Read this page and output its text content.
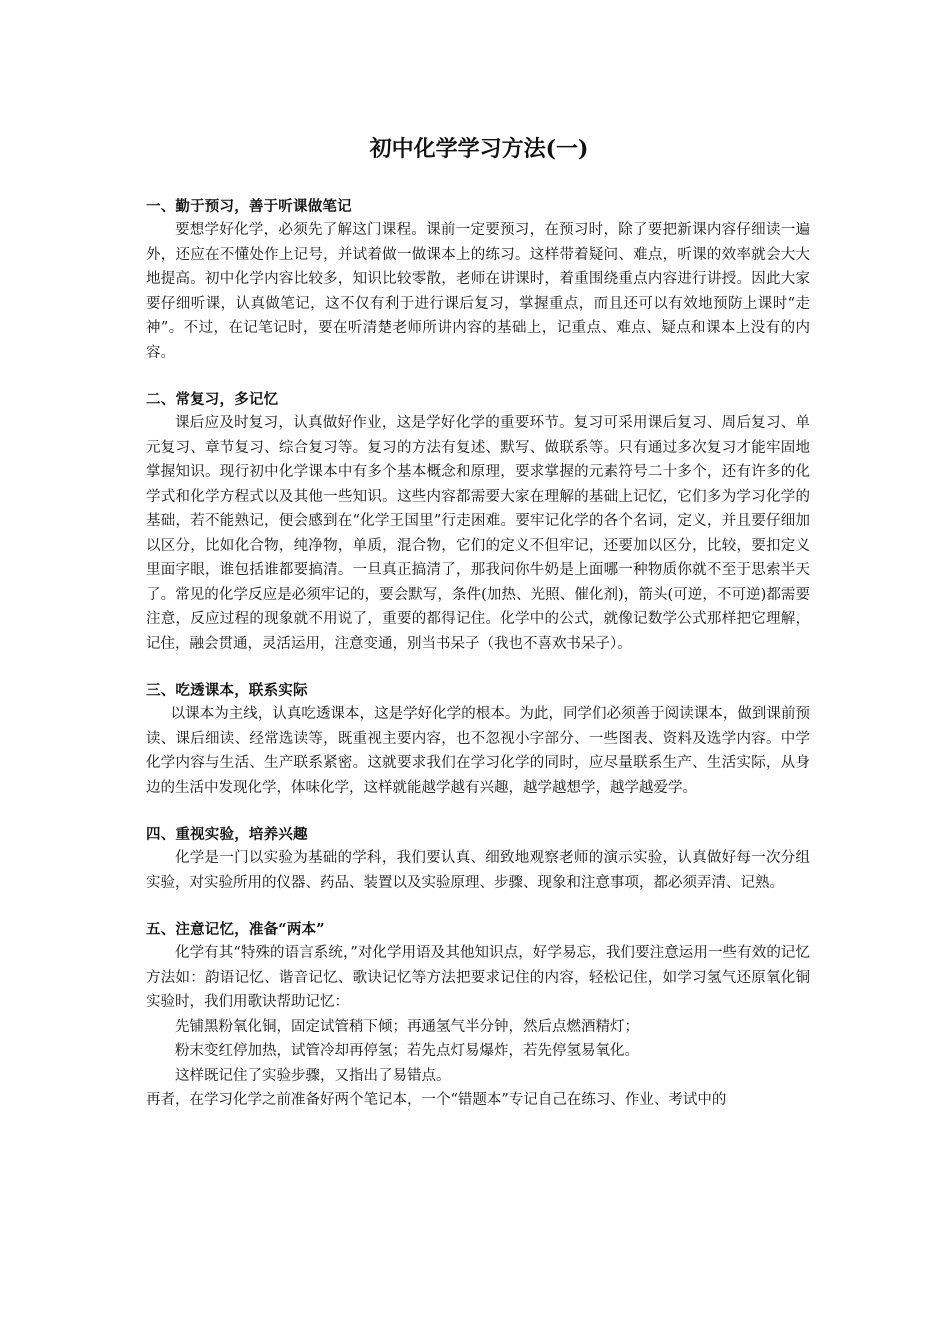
初中化学学习方法(一)

一、勤于预习，善于听课做笔记

要想学好化学，必须先了解这门课程。课前一定要预习，在预习时，除了要把新课内容仔细读一遍外，还应在不懂处作上记号，并试着做一做课本上的练习。这样带着疑问、难点，听课的效率就会大大地提高。初中化学内容比较多，知识比较零散，老师在讲课时，着重围绕重点内容进行讲授。因此大家要仔细听课，认真做笔记，这不仅有利于进行课后复习，掌握重点，而且还可以有效地预防上课时“走神”。不过，在记笔记时，要在听清楚老师所讲内容的基础上，记重点、难点、疑点和课本上没有的内容。

二、常复习，多记忆

课后应及时复习，认真做好作业，这是学好化学的重要环节。复习可采用课后复习、周后复习、单元复习、章节复习、综合复习等。复习的方法有复述、默写、做联系等。只有通过多次复习才能牢固地掌握知识。现行初中化学课本中有多个基本概念和原理，要求掌握的元素符号二十多个，还有许多的化学式和化学方程式以及其他一些知识。这些内容都需要大家在理解的基础上记忆，它们多为学习化学的基础，若不能熟记，便会感到在“化学王国里”行走困难。要牢记化学的各个名词，定义，并且要仔细加以区分，比如化合物，纯净物，单质，混合物，它们的定义不但牢记，还要加以区分，比较，要扣定义里面字眼，谁包括谁都要搞清。一旦真正搞清了，那我问你牛奶是上面哪一种物质你就不至于思索半天了。常见的化学反应是必须牢记的，要会默写，条件(加热、光照、催化剂)，箭头(可逆，不可逆)都需要注意，反应过程的现象就不用说了，重要的都得记住。化学中的公式，就像记数学公式那样把它理解，记住，融会贯通，灵活运用，注意变通，别当书呆子（我也不喜欢书呆子）。

三、吃透课本，联系实际

以课本为主线，认真吃透课本，这是学好化学的根本。为此，同学们必须善于阅读课本，做到课前预读、课后细读、经常选读等，既重视主要内容，也不忽视小字部分、一些图表、资料及选学内容。中学化学内容与生活、生产联系紧密。这就要求我们在学习化学的同时，应尽量联系生产、生活实际，从身边的生活中发现化学，体味化学，这样就能越学越有兴趣，越学越想学，越学越爱学。

四、重视实验，培养兴趣

化学是一门以实验为基础的学科，我们要认真、细致地观察老师的演示实验，认真做好每一次分组实验，对实验所用的仪器、药品、装置以及实验原理、步骤、现象和注意事项，都必须弄清、记熟。

五、注意记忆，准备“两本”

化学有其“特殊的语言系统，”对化学用语及其他知识点，好学易忘，我们要注意运用一些有效的记忆方法如：韵语记忆、谐音记忆、歌诀记忆等方法把要求记住的内容，轻松记住，如学习氢气还原氧化铜实验时，我们用歌诀帮助记忆：

先铺黑粉氧化铜，固定试管稍下倾；再通氢气半分钟，然后点燃酒精灯；

粉末变红停加热，试管冷却再停氢；若先点灯易爆炸，若先停氢易氧化。

这样既记住了实验步骤，又指出了易错点。

再者，在学习化学之前准备好两个笔记本，一个“错题本”专记自己在练习、作业、考试中的
